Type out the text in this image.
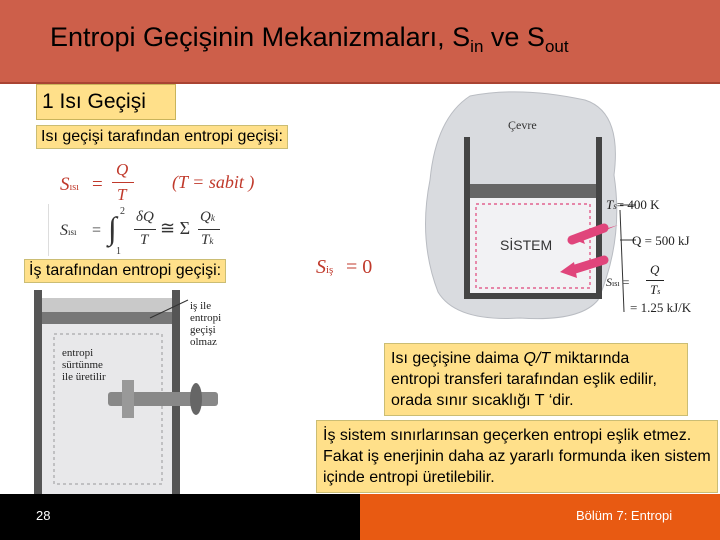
Entropi Geçişinin Mekanizmaları, $S_{in}$ ve $S_{out}$
1 Isı Geçişi
Isı geçişi tarafından entropi geçişi:
Sısı =
Q
T
(T = sabit )
Sısı = ∫ 2
1
δQ
T
≅ Σ
Qk
Tk
İş tarafından entropi geçişi:	Siş = 0
Çevre
SİSTEM
Ts= 400 K
Q = 500 kJ
Sısı =
Q
Ts
= 1.25 kJ/K
entropi
sürtünme
ile üretilir
iş ile
entropi
geçişi
olmaz
Isı geçişine daima Q/T miktarında entropi transferi tarafından eşlik edilir, orada sınır sıcaklığı T ‘dir.
İş sistem sınırlarınsan geçerken entropi eşlik etmez. Fakat iş enerjinin daha az yararlı formunda iken sistem içinde entropi üretilebilir.
28	Bölüm 7: Entropi
